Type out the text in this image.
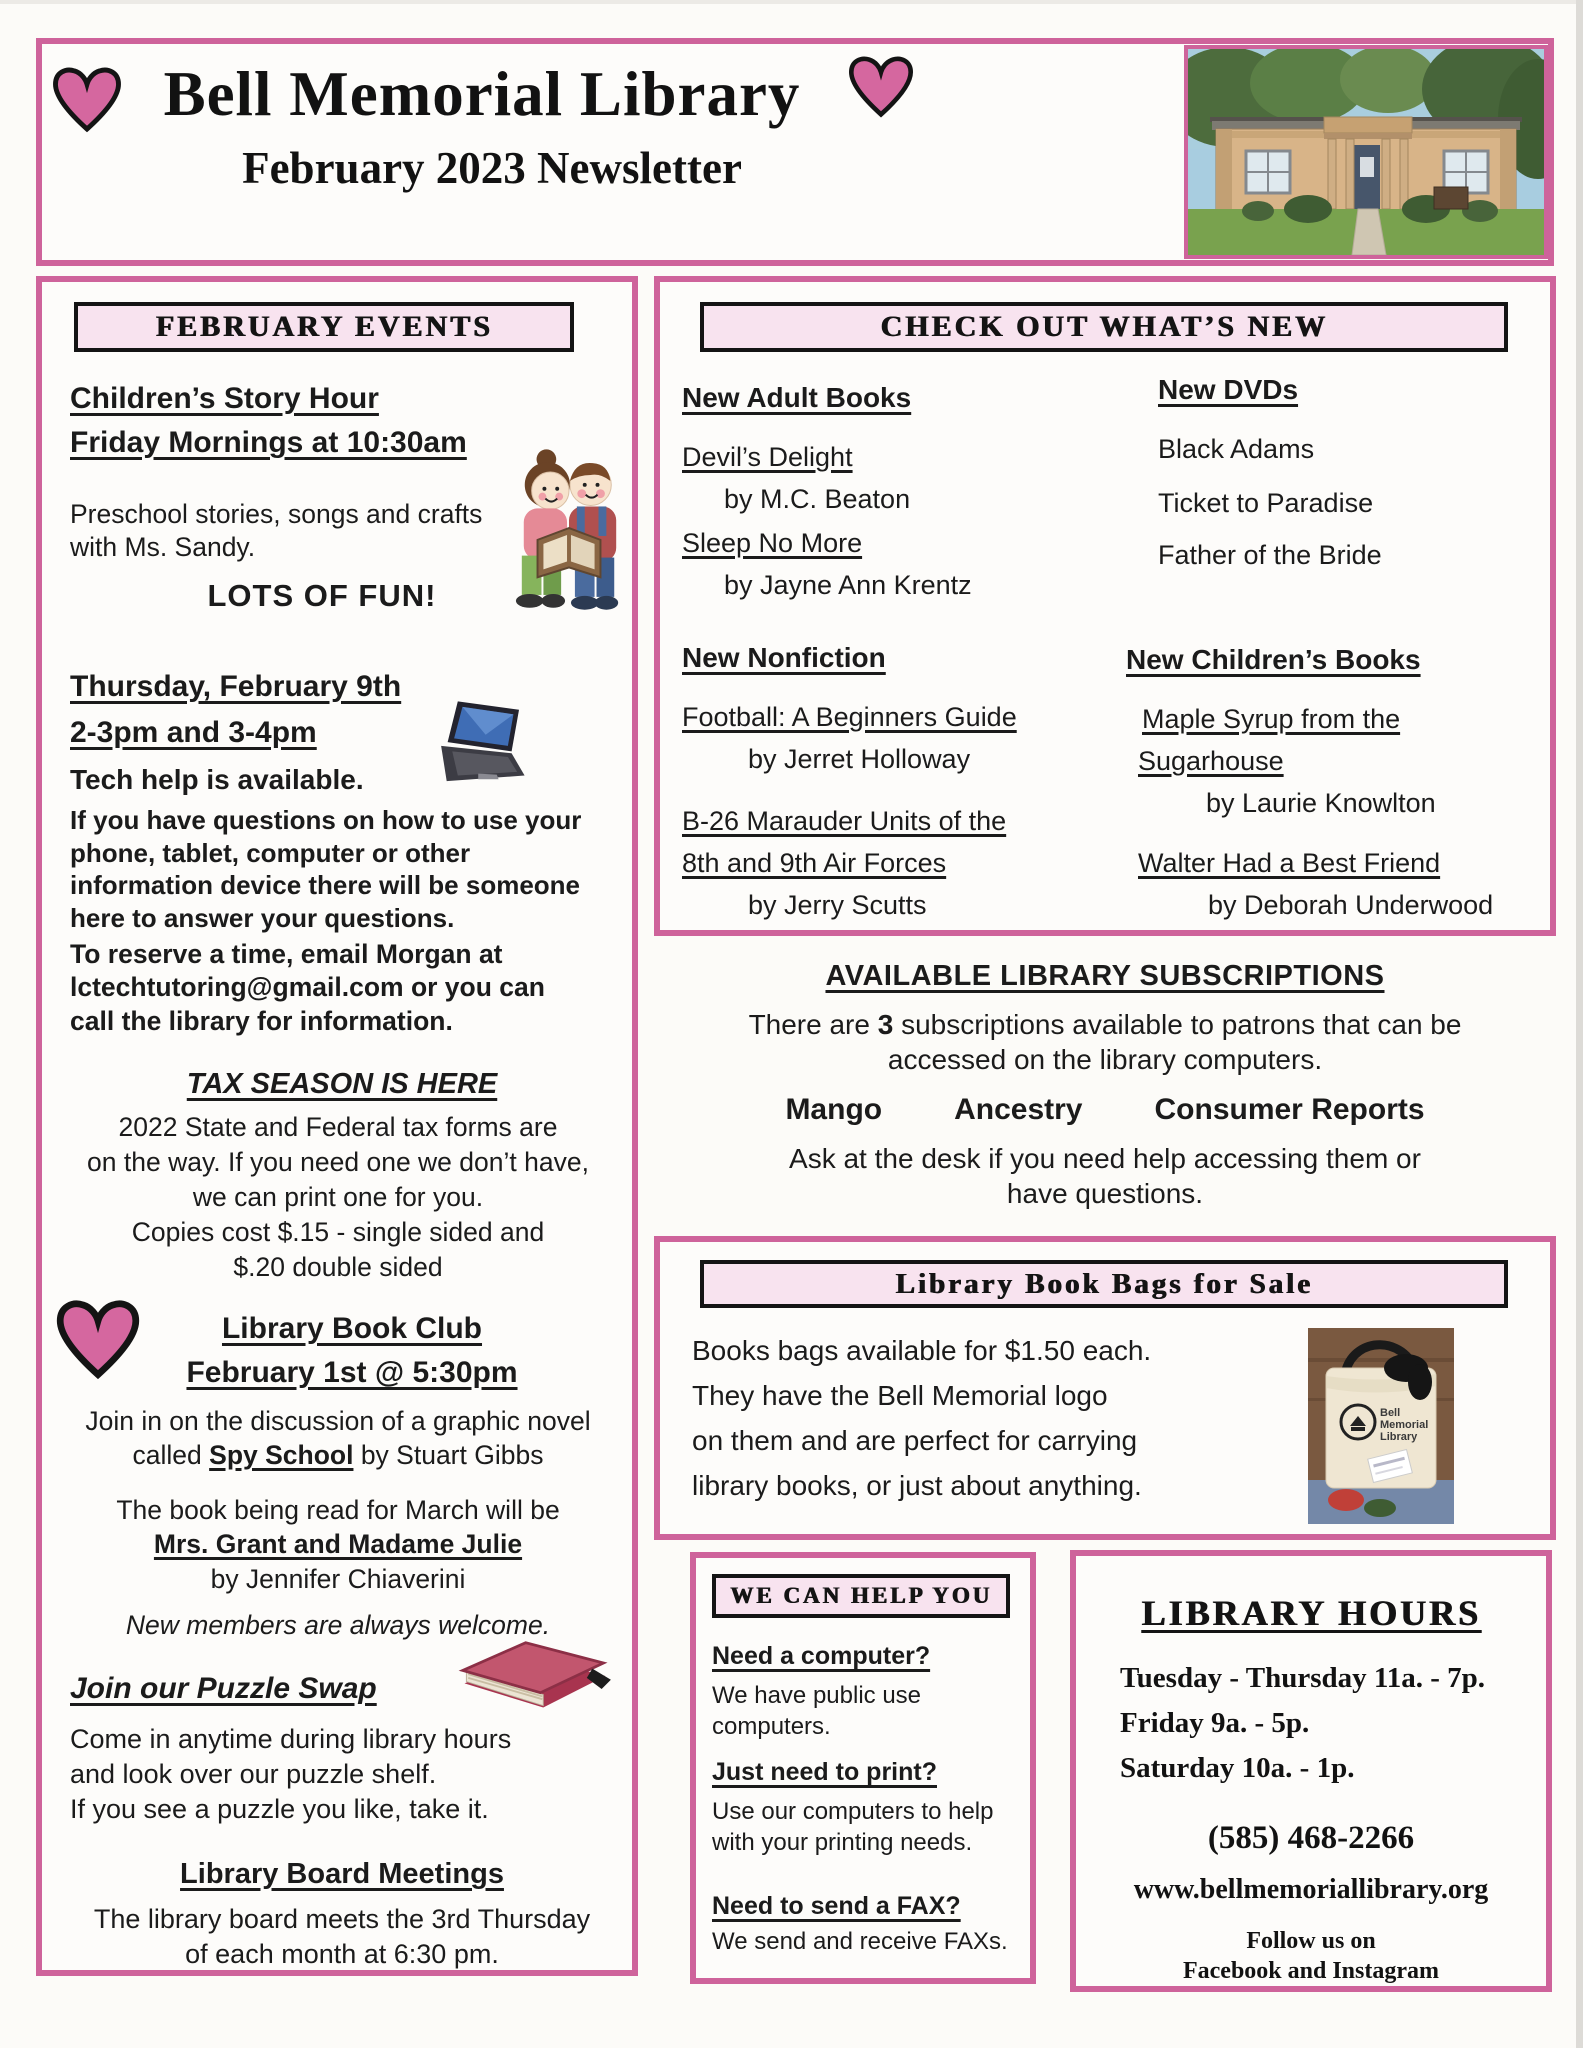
Bell Memorial Library
February 2023 Newsletter
FEBRUARY EVENTS
Children’s Story Hour
Friday Mornings at 10:30am
Preschool stories, songs and crafts with Ms. Sandy.
LOTS OF FUN!
Thursday, February 9th
2-3pm and 3-4pm
Tech help is available.
If you have questions on how to use your phone, tablet, computer or other information device there will be someone here to answer your questions.
To reserve a time, email Morgan at lctechtutoring@gmail.com or you can call the library for information.
TAX SEASON IS HERE
2022 State and Federal tax forms are
on the way. If you need one we don’t have,
we can print one for you.
Copies cost $.15 - single sided and
$.20 double sided
Library Book Club
February 1st @ 5:30pm
Join in on the discussion of a graphic novel
called Spy School by Stuart Gibbs
The book being read for March will be
Mrs. Grant and Madame Julie
by Jennifer Chiaverini
New members are always welcome.
Join our Puzzle Swap
Come in anytime during library hours
and look over our puzzle shelf.
If you see a puzzle you like, take it.
Library Board Meetings
The library board meets the 3rd Thursday
of each month at 6:30 pm.
CHECK OUT WHAT’S NEW
New Adult Books
Devil’s Delight
by M.C. Beaton
Sleep No More
by Jayne Ann Krentz
New DVDs
Black Adams
Ticket to Paradise
Father of the Bride
New Nonfiction
Football: A Beginners Guide
by Jerret Holloway
B-26 Marauder Units of the
8th and 9th Air Forces
by Jerry Scutts
New Children’s Books
Maple Syrup from the
Sugarhouse
by Laurie Knowlton
Walter Had a Best Friend
by Deborah Underwood
AVAILABLE LIBRARY SUBSCRIPTIONS
There are 3 subscriptions available to patrons that can be
accessed on the library computers.
Mango Ancestry Consumer Reports
Ask at the desk if you need help accessing them or
have questions.
Library Book Bags for Sale
Books bags available for $1.50 each.
They have the Bell Memorial logo
on them and are perfect for carrying
library books, or just about anything.
Bell
Memorial
Library
WE CAN HELP YOU
Need a computer?
We have public use computers.
Just need to print?
Use our computers to help with your printing needs.
Need to send a FAX?
We send and receive FAXs.
LIBRARY HOURS
Tuesday - Thursday 11a. - 7p.
Friday 9a. - 5p.
Saturday 10a. - 1p.
(585) 468-2266
www.bellmemoriallibrary.org
Follow us on
Facebook and Instagram
